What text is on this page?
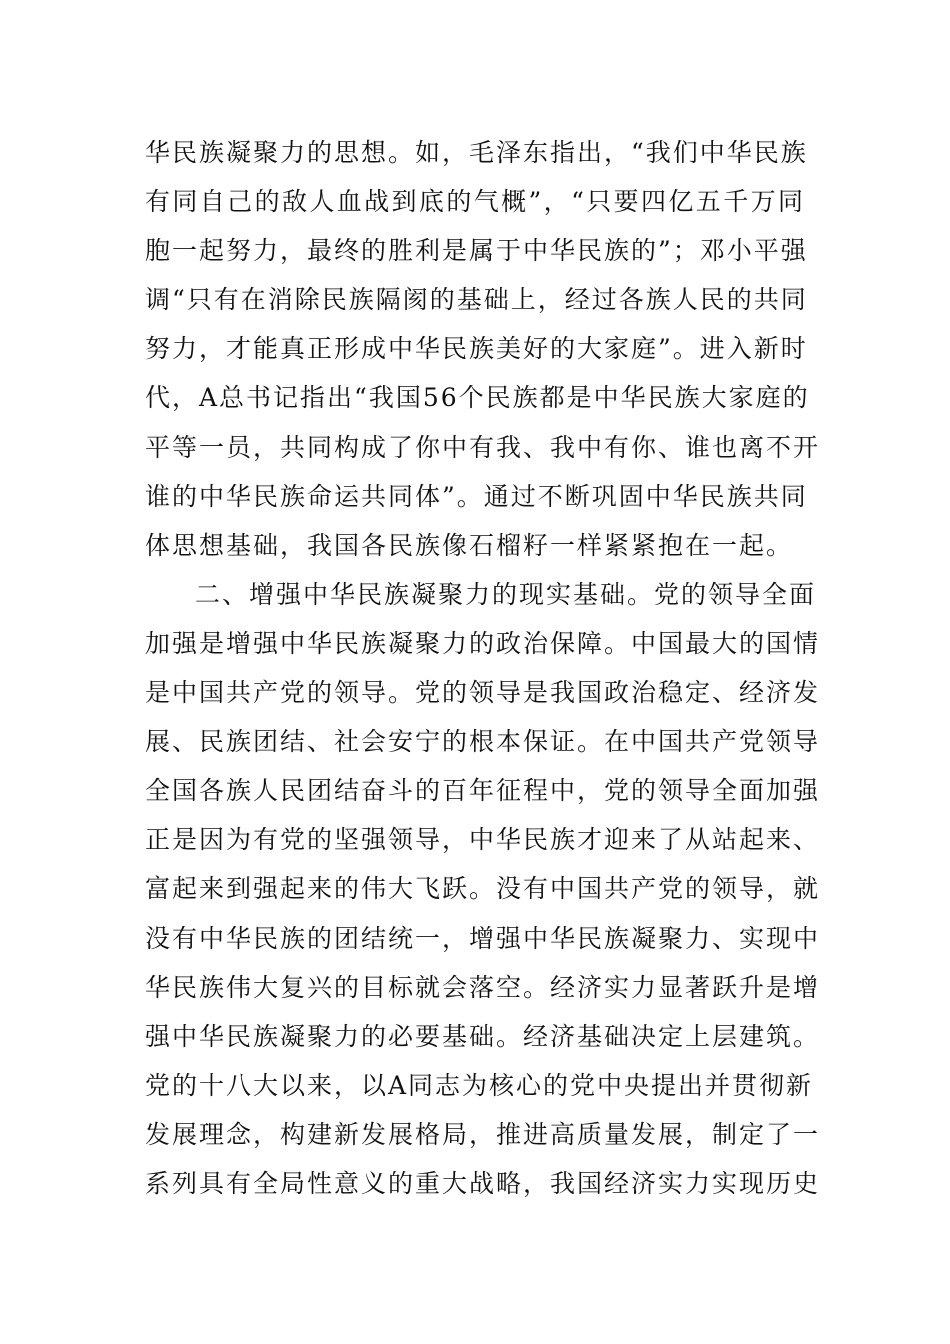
华民族凝聚力的思想。如，毛泽东指出，“我们中华民族
有同自己的敌人血战到底的气概”，“只要四亿五千万同
胞一起努力，最终的胜利是属于中华民族的”；邓小平强
调“只有在消除民族隔阂的基础上，经过各族人民的共同
努力，才能真正形成中华民族美好的大家庭”。进入新时
代，A总书记指出“我国56个民族都是中华民族大家庭的
平等一员，共同构成了你中有我、我中有你、谁也离不开
谁的中华民族命运共同体”。通过不断巩固中华民族共同
体思想基础，我国各民族像石榴籽一样紧紧抱在一起。
二、增强中华民族凝聚力的现实基础。党的领导全面
加强是增强中华民族凝聚力的政治保障。中国最大的国情
是中国共产党的领导。党的领导是我国政治稳定、经济发
展、民族团结、社会安宁的根本保证。在中国共产党领导
全国各族人民团结奋斗的百年征程中，党的领导全面加强
正是因为有党的坚强领导，中华民族才迎来了从站起来、
富起来到强起来的伟大飞跃。没有中国共产党的领导，就
没有中华民族的团结统一，增强中华民族凝聚力、实现中
华民族伟大复兴的目标就会落空。经济实力显著跃升是增
强中华民族凝聚力的必要基础。经济基础决定上层建筑。
党的十八大以来，以A同志为核心的党中央提出并贯彻新
发展理念，构建新发展格局，推进高质量发展，制定了一
系列具有全局性意义的重大战略，我国经济实力实现历史
